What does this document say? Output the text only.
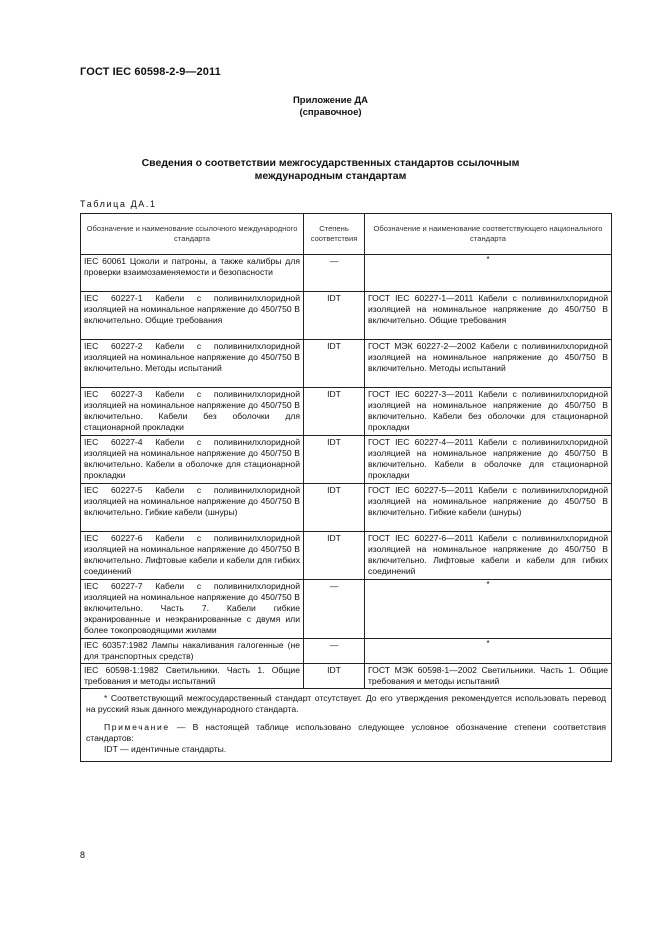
ГОСТ IEC 60598-2-9—2011
Приложение ДА
(справочное)
Сведения о соответствии межгосударственных стандартов ссылочным
международным стандартам
Таблица ДА.1
Обозначение и наименование ссылочного международного стандарта	Степень соответствия	Обозначение и наименование соответствующего национального стандарта
IEC 60061 Цоколи и патроны, а также калибры для проверки взаимозаменяемости и безопасности	—	*
IEC 60227-1 Кабели с поливинилхлоридной изоляцией на номинальное напряжение до 450/750 В включительно. Общие требования	IDT	ГОСТ IEC 60227-1—2011 Кабели с поливинилхлоридной изоляцией на номинальное напряжение до 450/750 В включительно. Общие требования
IEC 60227-2 Кабели с поливинилхлоридной изоляцией на номинальное напряжение до 450/750 В включительно. Методы испытаний	IDT	ГОСТ МЭК 60227-2—2002 Кабели с поливинилхлоридной изоляцией на номинальное напряжение до 450/750 В включительно. Методы испытаний
IEC 60227-3 Кабели с поливинилхлоридной изоляцией на номинальное напряжение до 450/750 В включительно. Кабели без оболочки для стационарной прокладки	IDT	ГОСТ IEC 60227-3—2011 Кабели с поливинилхлоридной изоляцией на номинальное напряжение до 450/750 В включительно. Кабели без оболочки для стационарной прокладки
IEC 60227-4 Кабели с поливинилхлоридной изоляцией на номинальное напряжение до 450/750 В включительно. Кабели в оболочке для стационарной прокладки	IDT	ГОСТ IEC 60227-4—2011 Кабели с поливинилхлоридной изоляцией на номинальное напряжение до 450/750 В включительно. Кабели в оболочке для стационарной прокладки
IEC 60227-5 Кабели с поливинилхлоридной изоляцией на номинальное напряжение до 450/750 В включительно. Гибкие кабели (шнуры)	IDT	ГОСТ IEC 60227-5—2011 Кабели с поливинилхлоридной изоляцией на номинальное напряжение до 450/750 В включительно. Гибкие кабели (шнуры)
IEC 60227-6 Кабели с поливинилхлоридной изоляцией на номинальное напряжение до 450/750 В включительно. Лифтовые кабели и кабели для гибких соединений	IDT	ГОСТ IEC 60227-6—2011 Кабели с поливинилхлоридной изоляцией на номинальное напряжение до 450/750 В включительно. Лифтовые кабели и кабели для гибких соединений
IEC 60227-7 Кабели с поливинилхлоридной изоляцией на номинальное напряжение до 450/750 В включительно. Часть 7. Кабели гибкие экранированные и неэкранированные с двумя или более токопроводящими жилами	—	*
IEC 60357:1982 Лампы накаливания галогенные (не для транспортных средств)	—	*
IEC 60598-1:1982 Светильники. Часть 1. Общие требования и методы испытаний	IDT	ГОСТ МЭК 60598-1—2002 Светильники. Часть 1. Общие требования и методы испытаний

* Соответствующий межгосударственный стандарт отсутствует. До его утверждения рекомендуется использовать перевод на русский язык данного международного стандарта.
Примечание — В настоящей таблице использовано следующее условное обозначение степени соответствия стандартов:
IDT — идентичные стандарты.		
8
